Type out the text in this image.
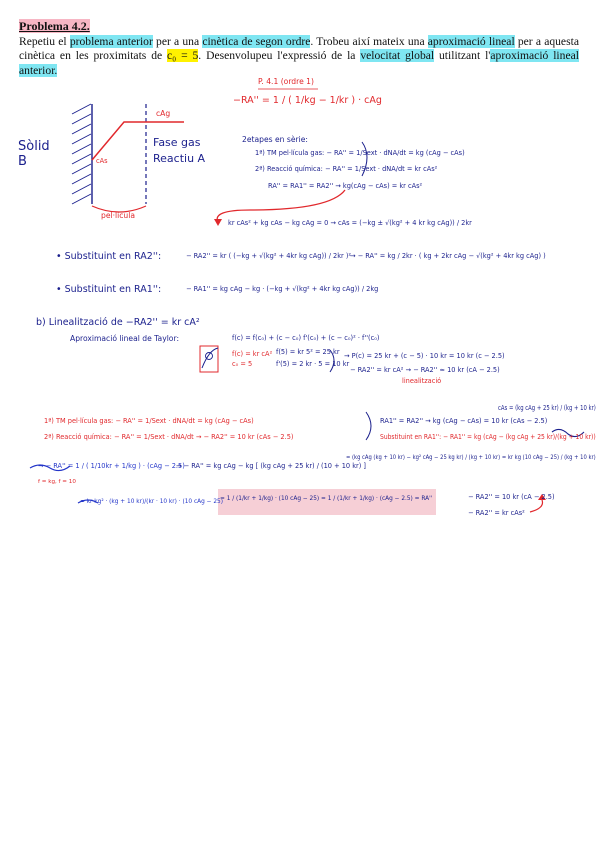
Problema 4.2.
Repetiu el problema anterior per a una cinètica de segon ordre. Trobeu així mateix una aproximació lineal per a aquesta cinètica en les proximitats de c₀ = 5. Desenvolupeu l'expressió de la velocitat global utilitzant l'aproximació lineal anterior.
P. 4.1 (ordre 1)
−RA'' = 1 / ( 1/kg − 1/kr ) · cAg
Sòlid B
cAg
cAs
Fase gas
Reactiu A
pel·lícula
2etapes en sèrie:
1ª) TM pel·lícula gas: − RA'' = 1/Sext · dNA/dt = kg (cAg − cAs)
2ª) Reacció química: − RA'' = 1/Sext · dNA/dt = kr cAs²
RA'' = RA1'' = RA2'' → kg(cAg − cAs) = kr cAs²
kr cAs² + kg cAs − kg cAg = 0 → cAs = (−kg ± √(kg² + 4 kr kg cAg)) / 2kr
• Substituint en RA2'':	− RA2'' = kr ( (−kg + √(kg² + 4kr kg cAg)) / 2kr )²
→ − RA'' = kg / 2kr · ( kg + 2kr cAg − √(kg² + 4kr kg cAg) )
• Substituint en RA1'':	− RA1'' = kg cAg − kg · (−kg + √(kg² + 4kr kg cAg)) / 2kg
b) Linealització de −RA2'' = kr cA²
Aproximació lineal de Taylor:	f(c) = f(c₀) + (c − c₀) f'(c₀) + (c − c₀)² · f''(c₀)
f(c) = kr cA²
c₀ = 5
f(5) = kr 5² = 25 kr
f'(5) = 2 kr · 5 = 10 kr
→ P(c) = 25 kr + (c − 5) · 10 kr = 10 kr (c − 2.5)
− RA2'' = kr cA² → − RA2'' ≈ 10 kr (cA − 2.5)
linealització
1ª) TM pel·lícula gas: − RA'' = 1/Sext · dNA/dt = kg (cAg − cAs)
2ª) Reacció química: − RA'' = 1/Sext · dNA/dt → − RA2'' = 10 kr (cAs − 2.5)
RA1'' = RA2'' → kg (cAg − cAs) = 10 kr (cAs − 2.5)
cAs = (kg cAg + 25 kr) / (kg + 10 kr)
Substituint en RA1'': − RA1'' = kg (cAg − (kg cAg + 25 kr)/(kg + 10 kr))
→ − RA'' = 1 / ( 1/10kr + 1/kg ) · (cAg − 2.5)
f = kg, f = 10
→ − RA'' = kg cAg − kg [ (kg cAg + 25 kr) / (10 + 10 kr) ]
= (kg cAg (kg + 10 kr) − kg² cAg − 25 kg kr) / (kg + 10 kr) = kr kg (10 cAg − 25) / (kg + 10 kr)
= kr kg² · (kg + 10 kr)/(kr · 10 kr) · (10 cAg − 25)
= 1 / (1/kr + 1/kg) · (10 cAg − 25) = 1 / (1/kr + 1/kg) · (cAg − 2.5) = RA''	− RA2'' = 10 kr (cA − 2.5)
− RA2'' = kr cAs²
